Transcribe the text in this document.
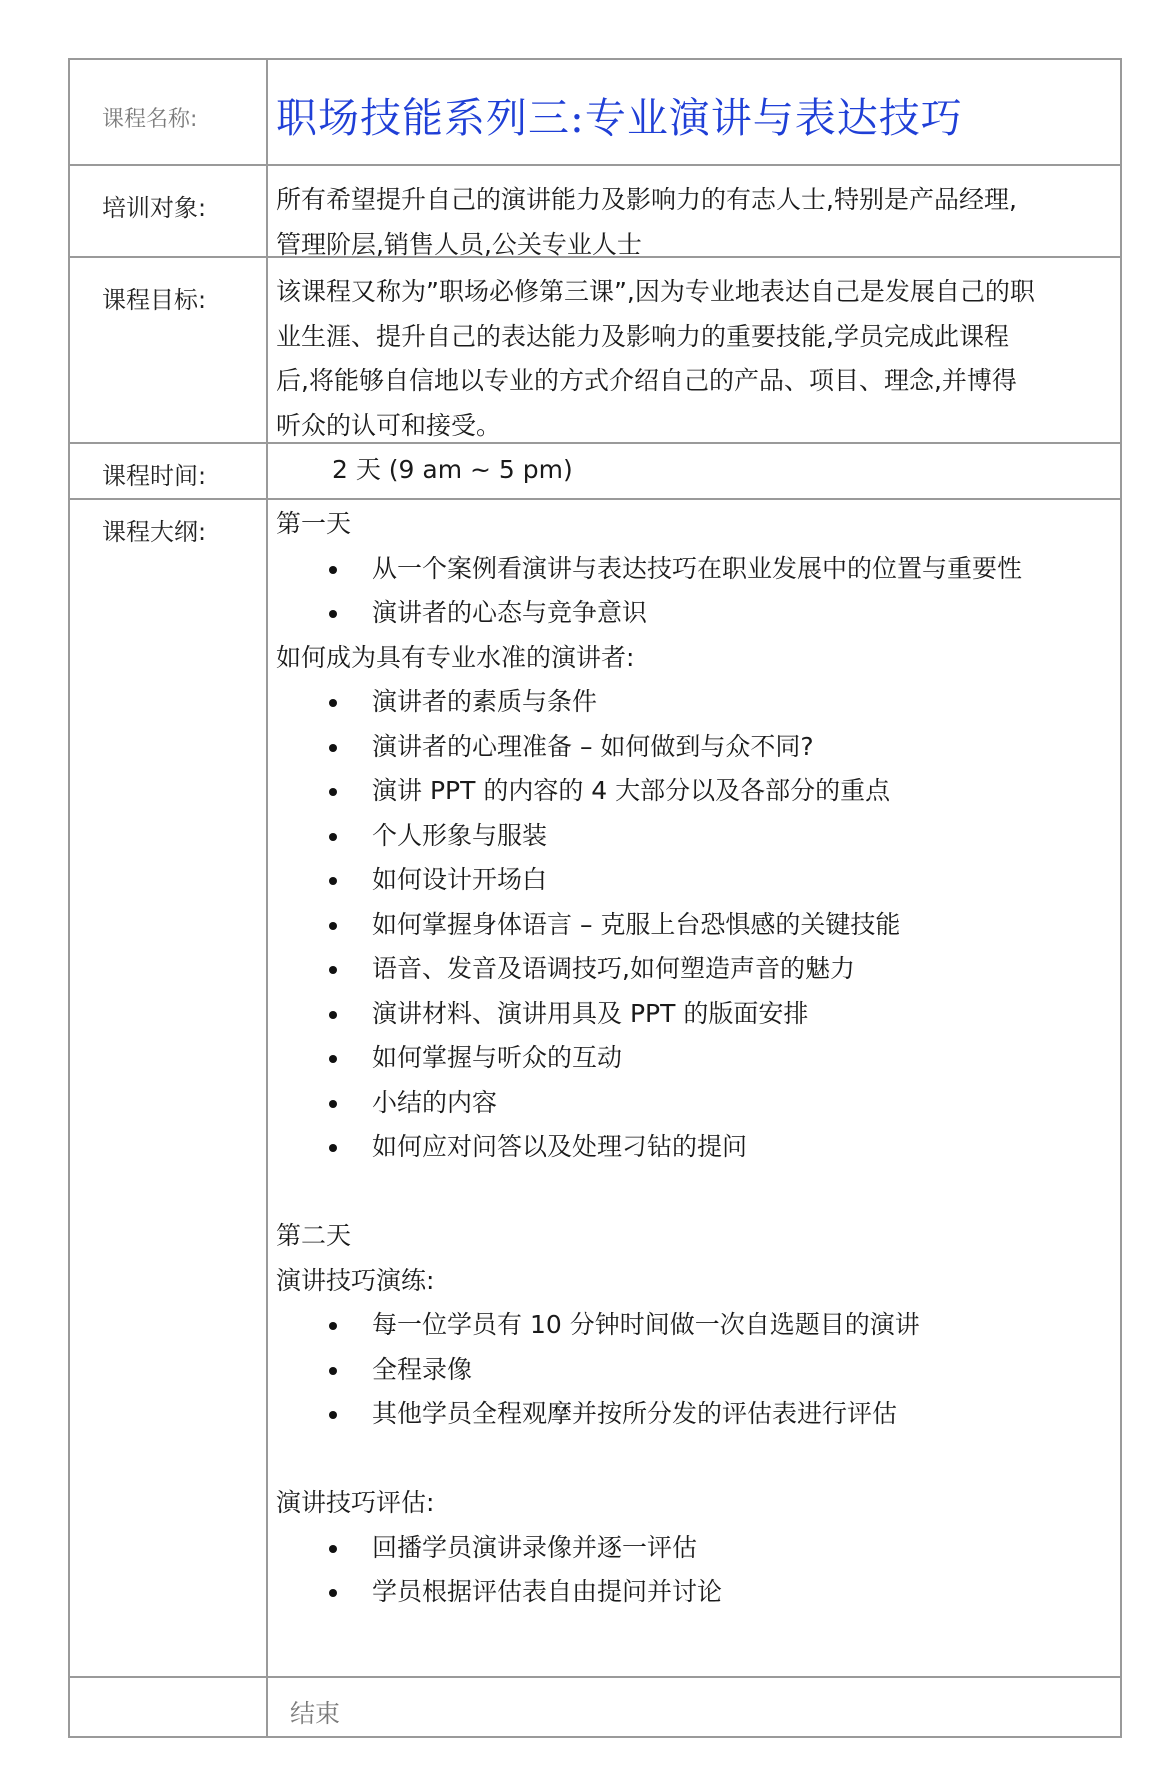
课程名称:	职场技能系列三:专业演讲与表达技巧
培训对象:	所有希望提升自己的演讲能力及影响力的有志人士,特别是产品经理,
管理阶层,销售人员,公关专业人士
课程目标:	该课程又称为”职场必修第三课”,因为专业地表达自己是发展自己的职
业生涯、提升自己的表达能力及影响力的重要技能,学员完成此课程
后,将能够自信地以专业的方式介绍自己的产品、项目、理念,并博得
听众的认可和接受。
课程时间:	2 天 (9 am ~ 5 pm)
课程大纲:	第一天
从一个案例看演讲与表达技巧在职业发展中的位置与重要性
演讲者的心态与竞争意识
如何成为具有专业水准的演讲者:
演讲者的素质与条件
演讲者的心理准备 – 如何做到与众不同?
演讲 PPT 的内容的 4 大部分以及各部分的重点
个人形象与服装
如何设计开场白
如何掌握身体语言 – 克服上台恐惧感的关键技能
语音、发音及语调技巧,如何塑造声音的魅力
演讲材料、演讲用具及 PPT 的版面安排
如何掌握与听众的互动
小结的内容
如何应对问答以及处理刁钻的提问
第二天
演讲技巧演练:
每一位学员有 10 分钟时间做一次自选题目的演讲
全程录像
其他学员全程观摩并按所分发的评估表进行评估
演讲技巧评估:
回播学员演讲录像并逐一评估
学员根据评估表自由提问并讨论
结束
